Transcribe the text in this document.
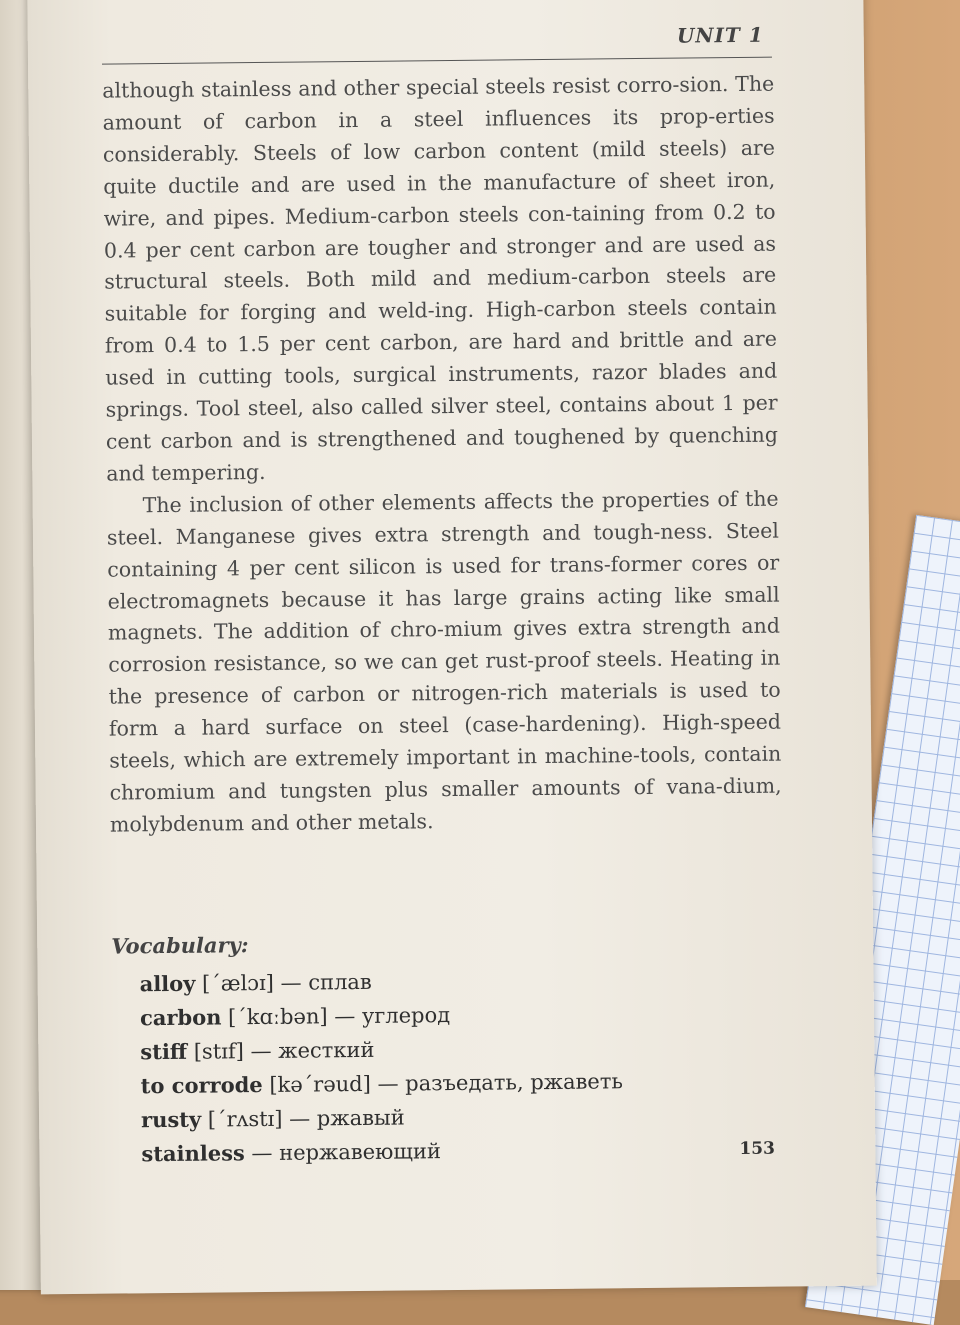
UNIT 1

although stainless and other special steels resist corro-sion. The amount of carbon in a steel influences its prop-erties considerably. Steels of low carbon content (mild steels) are quite ductile and are used in the manufacture of sheet iron, wire, and pipes. Medium-carbon steels con-taining from 0.2 to 0.4 per cent carbon are tougher and stronger and are used as structural steels. Both mild and medium-carbon steels are suitable for forging and weld-ing. High-carbon steels contain from 0.4 to 1.5 per cent carbon, are hard and brittle and are used in cutting tools, surgical instruments, razor blades and springs. Tool steel, also called silver steel, contains about 1 per cent carbon and is strengthened and toughened by quenching and tempering.

The inclusion of other elements affects the properties of the steel. Manganese gives extra strength and tough-ness. Steel containing 4 per cent silicon is used for trans-former cores or electromagnets because it has large grains acting like small magnets. The addition of chro-mium gives extra strength and corrosion resistance, so we can get rust-proof steels. Heating in the presence of carbon or nitrogen-rich materials is used to form a hard surface on steel (case-hardening). High-speed steels, which are extremely important in machine-tools, contain chromium and tungsten plus smaller amounts of vana-dium, molybdenum and other metals.

Vocabulary:
alloy [ˊælɔɪ] — сплав
carbon [ˊkɑːbən] — углерод
stiff [stɪf] — жесткий
to corrode [kəˊrəud] — разъедать, ржаветь
rusty [ˊrʌstɪ] — ржавый
stainless — нержавеющий	153
